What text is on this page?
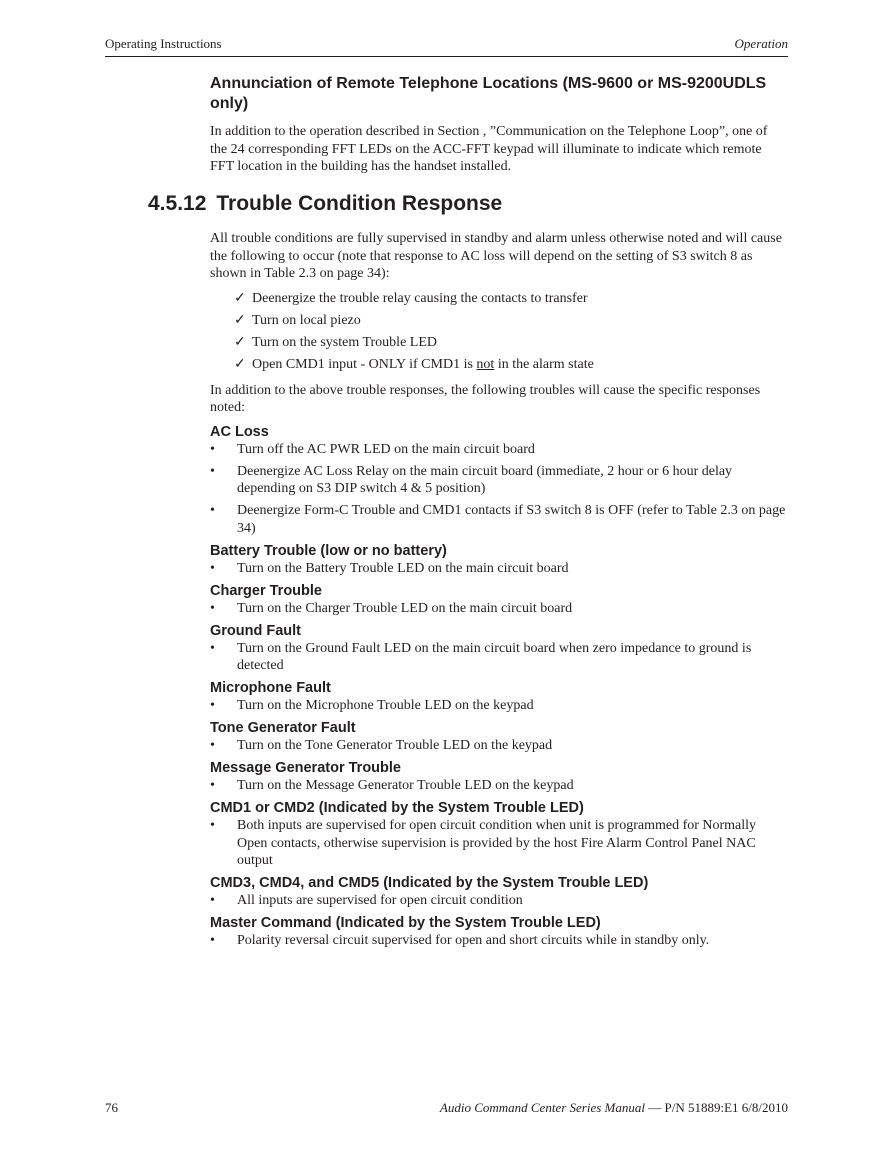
Operating Instructions	Operation
Annunciation of Remote Telephone Locations (MS-9600 or MS-9200UDLS only)

In addition to the operation described in Section , ”Communication on the Telephone Loop”, one of the 24 corresponding FFT LEDs on the ACC-FFT keypad will illuminate to indicate which remote FFT location in the building has the handset installed.

4.5.12 Trouble Condition Response

All trouble conditions are fully supervised in standby and alarm unless otherwise noted and will cause the following to occur (note that response to AC loss will depend on the setting of S3 switch 8 as shown in Table 2.3 on page 34):

✓ Deenergize the trouble relay causing the contacts to transfer
✓ Turn on local piezo
✓ Turn on the system Trouble LED
✓ Open CMD1 input - ONLY if CMD1 is not in the alarm state

In addition to the above trouble responses, the following troubles will cause the specific responses noted:

AC Loss
• Turn off the AC PWR LED on the main circuit board
• Deenergize AC Loss Relay on the main circuit board (immediate, 2 hour or 6 hour delay depending on S3 DIP switch 4 & 5 position)
• Deenergize Form-C Trouble and CMD1 contacts if S3 switch 8 is OFF (refer to Table 2.3 on page 34)
Battery Trouble (low or no battery)
• Turn on the Battery Trouble LED on the main circuit board
Charger Trouble
• Turn on the Charger Trouble LED on the main circuit board
Ground Fault
• Turn on the Ground Fault LED on the main circuit board when zero impedance to ground is detected
Microphone Fault
• Turn on the Microphone Trouble LED on the keypad
Tone Generator Fault
• Turn on the Tone Generator Trouble LED on the keypad
Message Generator Trouble
• Turn on the Message Generator Trouble LED on the keypad
CMD1 or CMD2 (Indicated by the System Trouble LED)
• Both inputs are supervised for open circuit condition when unit is programmed for Normally Open contacts, otherwise supervision is provided by the host Fire Alarm Control Panel NAC output
CMD3, CMD4, and CMD5 (Indicated by the System Trouble LED)
• All inputs are supervised for open circuit condition
Master Command (Indicated by the System Trouble LED)
• Polarity reversal circuit supervised for open and short circuits while in standby only.
76	Audio Command Center Series Manual — P/N 51889:E1 6/8/2010
